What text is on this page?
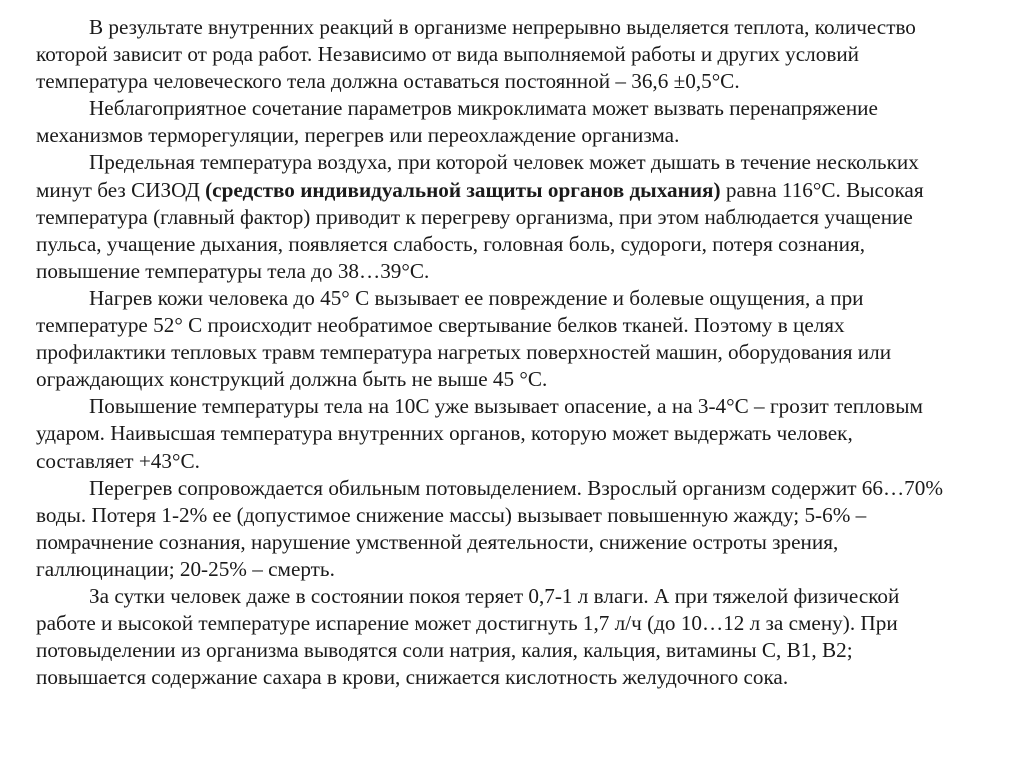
В результате внутренних реакций в организме непрерывно выделяется теплота, количество которой зависит от рода работ. Независимо от вида выполняемой работы и других условий температура человеческого тела должна оставаться постоянной – 36,6 ±0,5°С.

Неблагоприятное сочетание параметров микроклимата может вызвать перенапряжение механизмов терморегуляции, перегрев или переохлаждение организма.

Предельная температура воздуха, при которой человек может дышать в течение нескольких минут без СИЗОД (средство индивидуальной защиты органов дыхания) равна 116°С. Высокая температура (главный фактор) приводит к перегреву организма, при этом наблюдается учащение пульса, учащение дыхания, появляется слабость, головная боль, судороги, потеря сознания, повышение температуры тела до 38…39°С.

Нагрев кожи человека до 45° С вызывает ее повреждение и болевые ощущения, а при температуре 52° С происходит необратимое свертывание белков тканей. Поэтому в целях профилактики тепловых травм температура нагретых поверхностей машин, оборудования или ограждающих конструкций должна быть не выше 45 °С.

Повышение температуры тела на 10С уже вызывает опасение, а на 3-4°С – грозит тепловым ударом. Наивысшая температура внутренних органов, которую может выдержать человек, составляет +43°С.

Перегрев сопровождается обильным потовыделением. Взрослый организм содержит 66…70% воды. Потеря 1-2% ее (допустимое снижение массы) вызывает повышенную жажду; 5-6% – помрачнение сознания, нарушение умственной деятельности, снижение остроты зрения, галлюцинации; 20-25% – смерть.

За сутки человек даже в состоянии покоя теряет 0,7-1 л влаги. А при тяжелой физической работе и высокой температуре испарение может достигнуть 1,7 л/ч (до 10…12 л за смену). При потовыделении из организма выводятся соли натрия, калия, кальция, витамины С, В1, В2; повышается содержание сахара в крови, снижается кислотность желудочного сока.
